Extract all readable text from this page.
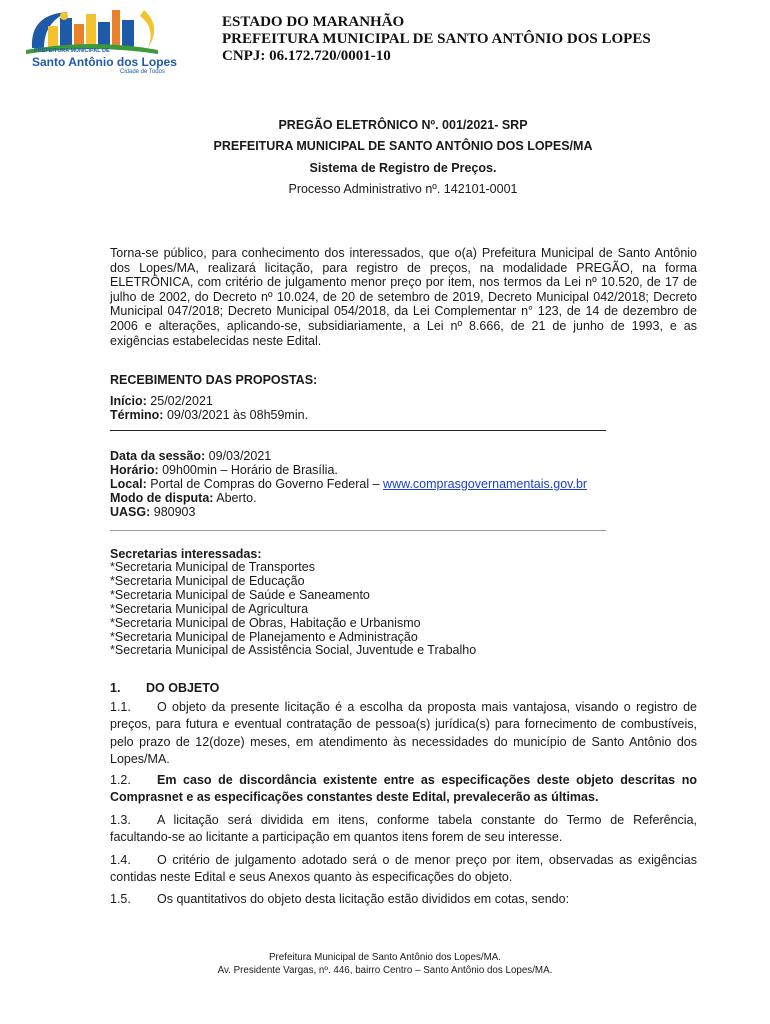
PREFEITURA MUNICIPAL DE
Santo Antônio dos Lopes
Cidade de Todos
ESTADO DO MARANHÃO
PREFEITURA MUNICIPAL DE SANTO ANTÔNIO DOS LOPES
CNPJ: 06.172.720/0001-10
PREGÃO ELETRÔNICO Nº. 001/2021- SRP
PREFEITURA MUNICIPAL DE SANTO ANTÔNIO DOS LOPES/MA
Sistema de Registro de Preços.
Processo Administrativo nº. 142101-0001
Torna-se público, para conhecimento dos interessados, que o(a) Prefeitura Municipal de Santo Antônio dos Lopes/MA, realizará licitação, para registro de preços, na modalidade PREGÃO, na forma ELETRÔNICA, com critério de julgamento menor preço por item, nos termos da Lei nº 10.520, de 17 de julho de 2002, do Decreto nº 10.024, de 20 de setembro de 2019, Decreto Municipal 042/2018; Decreto Municipal 047/2018; Decreto Municipal 054/2018, da Lei Complementar n° 123, de 14 de dezembro de 2006 e alterações, aplicando-se, subsidiariamente, a Lei nº 8.666, de 21 de junho de 1993, e as exigências estabelecidas neste Edital.
RECEBIMENTO DAS PROPOSTAS:
Início: 25/02/2021
Término: 09/03/2021 às 08h59min.
Data da sessão: 09/03/2021
Horário: 09h00min – Horário de Brasília.
Local: Portal de Compras do Governo Federal – www.comprasgovernamentais.gov.br
Modo de disputa: Aberto.
UASG: 980903
Secretarias interessadas:
*Secretaria Municipal de Transportes
*Secretaria Municipal de Educação
*Secretaria Municipal de Saúde e Saneamento
*Secretaria Municipal de Agricultura
*Secretaria Municipal de Obras, Habitação e Urbanismo
*Secretaria Municipal de Planejamento e Administração
*Secretaria Municipal de Assistência Social, Juventude e Trabalho
1. DO OBJETO
1.1. O objeto da presente licitação é a escolha da proposta mais vantajosa, visando o registro de preços, para futura e eventual contratação de pessoa(s) jurídica(s) para fornecimento de combustíveis, pelo prazo de 12(doze) meses, em atendimento às necessidades do município de Santo Antônio dos Lopes/MA.
1.2. Em caso de discordância existente entre as especificações deste objeto descritas no Comprasnet e as especificações constantes deste Edital, prevalecerão as últimas.
1.3. A licitação será dividida em itens, conforme tabela constante do Termo de Referência, facultando-se ao licitante a participação em quantos itens forem de seu interesse.
1.4. O critério de julgamento adotado será o de menor preço por item, observadas as exigências contidas neste Edital e seus Anexos quanto às especificações do objeto.
1.5. Os quantitativos do objeto desta licitação estão divididos em cotas, sendo:
Prefeitura Municipal de Santo Antônio dos Lopes/MA.
Av. Presidente Vargas, nº. 446, bairro Centro – Santo Antônio dos Lopes/MA.
